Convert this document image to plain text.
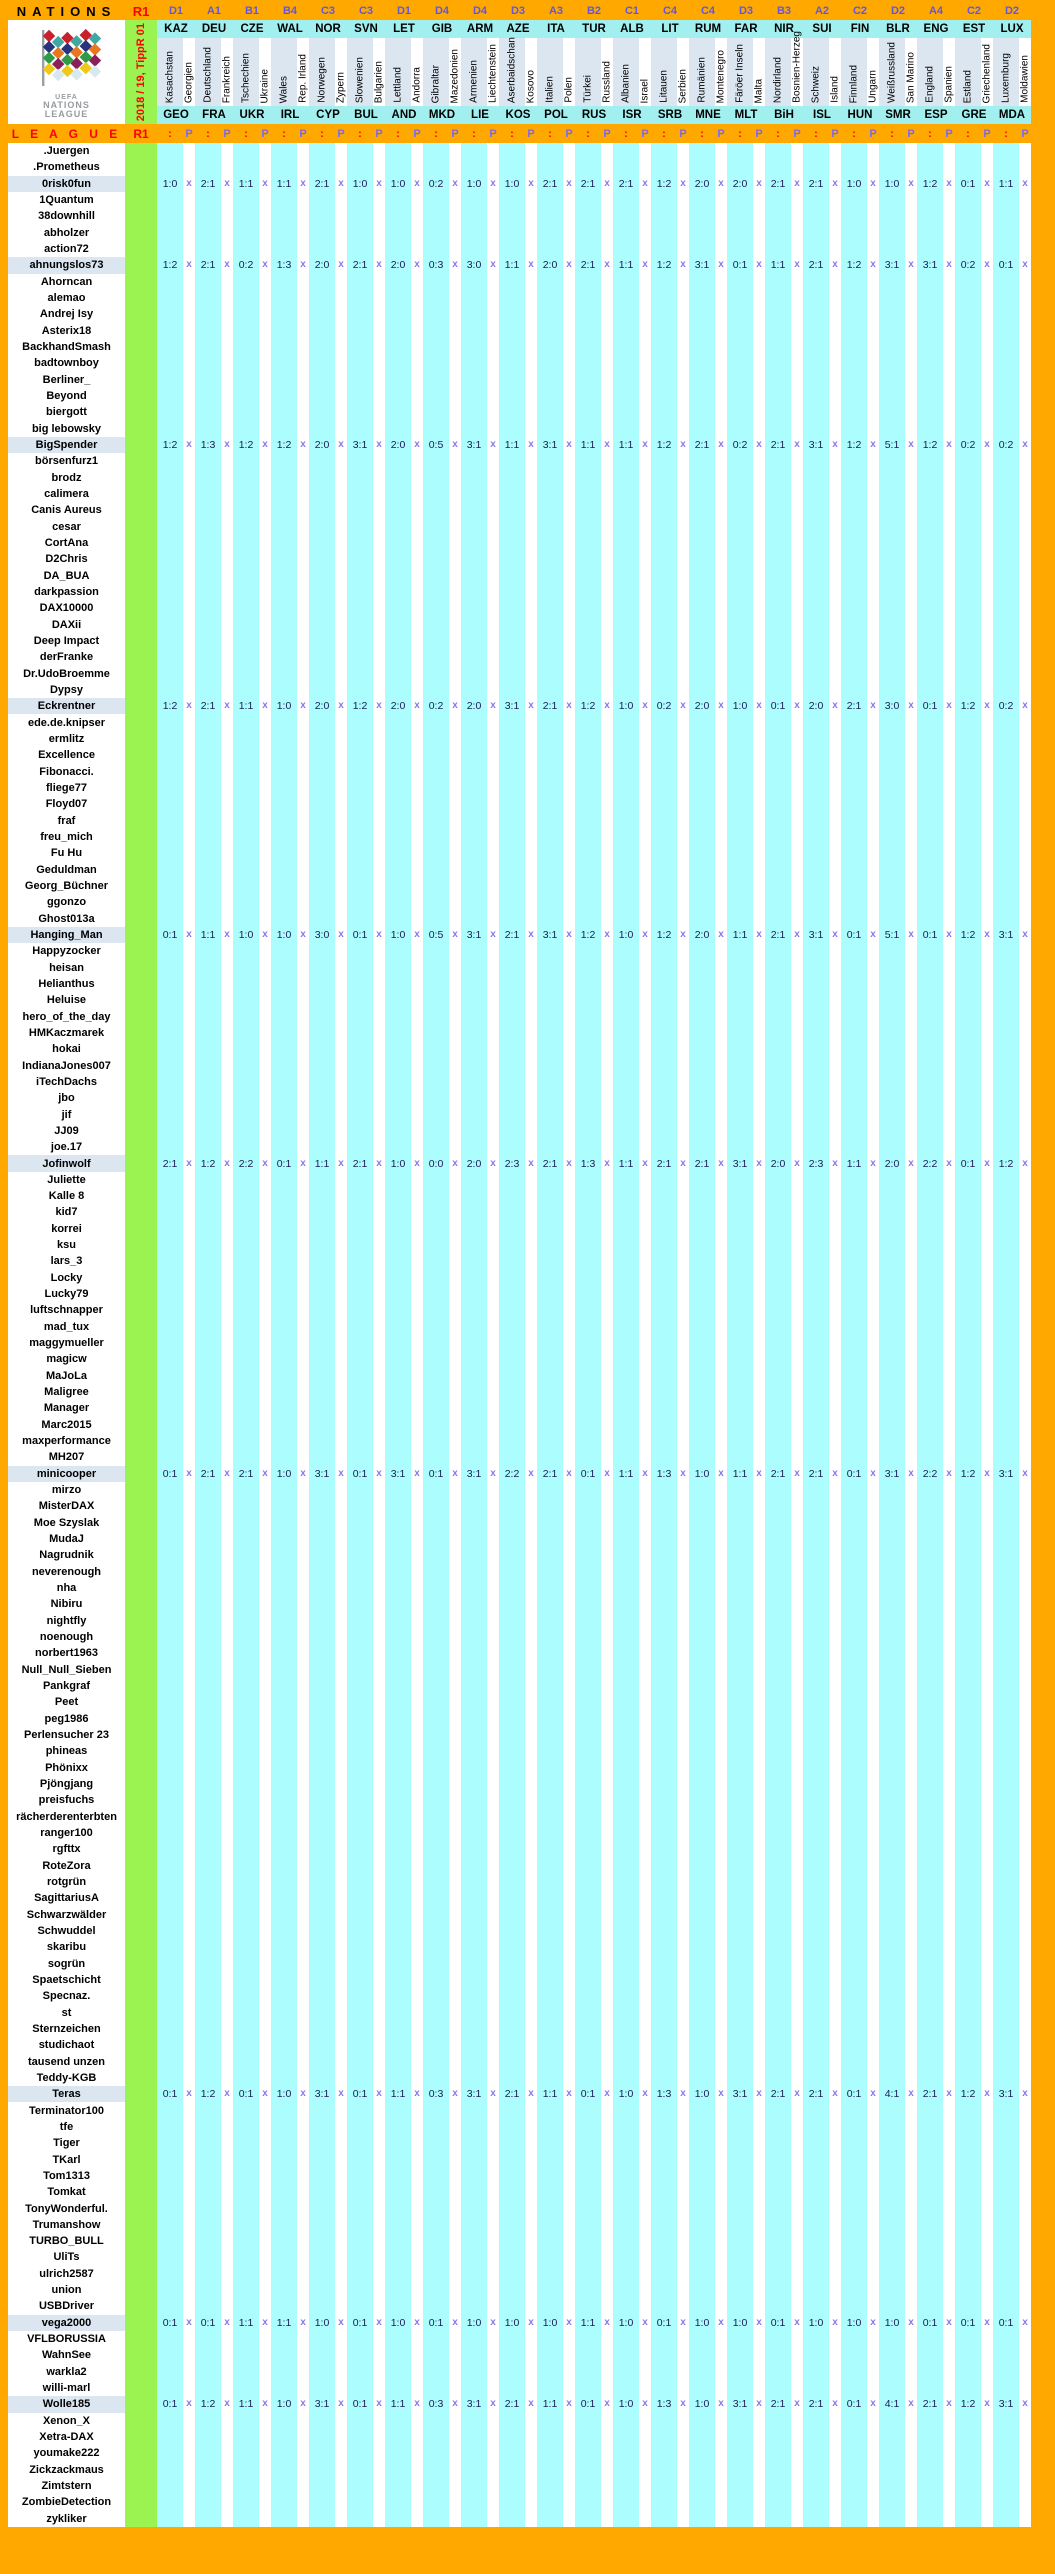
NATIONS	R1	D1		A1		B1		B4		C3		C3		D1		D4		D4		D3		A3		B2		C1		C4		C4		D3		B3		A2		C2		D2		A4		C2		D2	

UEFA
NATIONS
LEAGUE	2018 / 19, TippR 01	KAZ		DEU		CZE		WAL		NOR		SVN		LET		GIB		ARM		AZE		ITA		TUR		ALB		LIT		RUM		FAR		NIR		SUI		FIN		BLR		ENG		EST		LUX	

		Kasachstan	Georgien	Deutschland	Frankreich	Tschechien	Ukraine	Wales	Rep. Irland	Norwegen	Zypern	Slowenien	Bulgarien	Lettland	Andorra	Gibraltar	Mazedonien	Armenien	Liechtenstein	Aserbaidschan	Kosovo	Italien	Polen	Türkei	Russland	Albanien	Israel	Litauen	Serbien	Rumänien	Montenegro	Färöer Inseln	Malta	Nordirland	Bosnien-Herzeg	Schweiz	Island	Finnland	Ungarn	Weißrussland	San Marino	England	Spanien	Estland	Griechenland	Luxemburg	Moldawien

		GEO		FRA		UKR		IRL		CYP		BUL		AND		MKD		LIE		KOS		POL		RUS		ISR		SRB		MNE		MLT		BiH		ISL		HUN		SMR		ESP		GRE		MDA	
L E A G U E	R1	:	P	:	P	:	P	:	P	:	P	:	P	:	P	:	P	:	P	:	P	:	P	:	P	:	P	:	P	:	P	:	P	:	P	:	P	:	P	:	P	:	P	:	P	:	P
.Juergen																																															
.Prometheus																																															
0risk0fun		1:0	x	2:1	x	1:1	x	1:1	x	2:1	x	1:0	x	1:0	x	0:2	x	1:0	x	1:0	x	2:1	x	2:1	x	2:1	x	1:2	x	2:0	x	2:0	x	2:1	x	2:1	x	1:0	x	1:0	x	1:2	x	0:1	x	1:1	x
1Quantum																																															
38downhill																																															
abholzer																																															
action72																																															
ahnungslos73		1:2	x	2:1	x	0:2	x	1:3	x	2:0	x	2:1	x	2:0	x	0:3	x	3:0	x	1:1	x	2:0	x	2:1	x	1:1	x	1:2	x	3:1	x	0:1	x	1:1	x	2:1	x	1:2	x	3:1	x	3:1	x	0:2	x	0:1	x
Ahorncan																																															
alemao																																															
Andrej Isy																																															
Asterix18																																															
BackhandSmash																																															
badtownboy																																															
Berliner_																																															
Beyond																																															
biergott																																															
big lebowsky																																															
BigSpender		1:2	x	1:3	x	1:2	x	1:2	x	2:0	x	3:1	x	2:0	x	0:5	x	3:1	x	1:1	x	3:1	x	1:1	x	1:1	x	1:2	x	2:1	x	0:2	x	2:1	x	3:1	x	1:2	x	5:1	x	1:2	x	0:2	x	0:2	x
börsenfurz1																																															
brodz																																															
calimera																																															
Canis Aureus																																															
cesar																																															
CortAna																																															
D2Chris																																															
DA_BUA																																															
darkpassion																																															
DAX10000																																															
DAXii																																															
Deep Impact																																															
derFranke																																															
Dr.UdoBroemme																																															
Dypsy																																															
Eckrentner		1:2	x	2:1	x	1:1	x	1:0	x	2:0	x	1:2	x	2:0	x	0:2	x	2:0	x	3:1	x	2:1	x	1:2	x	1:0	x	0:2	x	2:0	x	1:0	x	0:1	x	2:0	x	2:1	x	3:0	x	0:1	x	1:2	x	0:2	x
ede.de.knipser																																															
ermlitz																																															
Excellence																																															
Fibonacci.																																															
fliege77																																															
Floyd07																																															
fraf																																															
freu_mich																																															
Fu Hu																																															
Geduldman																																															
Georg_Büchner																																															
ggonzo																																															
Ghost013a																																															
Hanging_Man		0:1	x	1:1	x	1:0	x	1:0	x	3:0	x	0:1	x	1:0	x	0:5	x	3:1	x	2:1	x	3:1	x	1:2	x	1:0	x	1:2	x	2:0	x	1:1	x	2:1	x	3:1	x	0:1	x	5:1	x	0:1	x	1:2	x	3:1	x
Happyzocker																																															
heisan																																															
Helianthus																																															
Heluise																																															
hero_of_the_day																																															
HMKaczmarek																																															
hokai																																															
IndianaJones007																																															
iTechDachs																																															
jbo																																															
jif																																															
JJ09																																															
joe.17																																															
Jofinwolf		2:1	x	1:2	x	2:2	x	0:1	x	1:1	x	2:1	x	1:0	x	0:0	x	2:0	x	2:3	x	2:1	x	1:3	x	1:1	x	2:1	x	2:1	x	3:1	x	2:0	x	2:3	x	1:1	x	2:0	x	2:2	x	0:1	x	1:2	x
Juliette																																															
Kalle 8																																															
kid7																																															
korrei																																															
ksu																																															
lars_3																																															
Locky																																															
Lucky79																																															
luftschnapper																																															
mad_tux																																															
maggymueller																																															
magicw																																															
MaJoLa																																															
Maligree																																															
Manager																																															
Marc2015																																															
maxperformance																																															
MH207																																															
minicooper		0:1	x	2:1	x	2:1	x	1:0	x	3:1	x	0:1	x	3:1	x	0:1	x	3:1	x	2:2	x	2:1	x	0:1	x	1:1	x	1:3	x	1:0	x	1:1	x	2:1	x	2:1	x	0:1	x	3:1	x	2:2	x	1:2	x	3:1	x
mirzo																																															
MisterDAX																																															
Moe Szyslak																																															
MudaJ																																															
Nagrudnik																																															
neverenough																																															
nha																																															
Nibiru																																															
nightfly																																															
noenough																																															
norbert1963																																															
Null_Null_Sieben																																															
Pankgraf																																															
Peet																																															
peg1986																																															
Perlensucher 23																																															
phineas																																															
Phönixx																																															
Pjöngjang																																															
preisfuchs																																															
rächerderenterbten																																															
ranger100																																															
rgfttx																																															
RoteZora																																															
rotgrün																																															
SagittariusA																																															
Schwarzwälder																																															
Schwuddel																																															
skaribu																																															
sogrün																																															
Spaetschicht																																															
Specnaz.																																															
st																																															
Sternzeichen																																															
studichaot																																															
tausend unzen																																															
Teddy-KGB																																															
Teras		0:1	x	1:2	x	0:1	x	1:0	x	3:1	x	0:1	x	1:1	x	0:3	x	3:1	x	2:1	x	1:1	x	0:1	x	1:0	x	1:3	x	1:0	x	3:1	x	2:1	x	2:1	x	0:1	x	4:1	x	2:1	x	1:2	x	3:1	x
Terminator100																																															
tfe																																															
Tiger																																															
TKarl																																															
Tom1313																																															
Tomkat																																															
TonyWonderful.																																															
Trumanshow																																															
TURBO_BULL																																															
UliTs																																															
ulrich2587																																															
union																																															
USBDriver																																															
vega2000		0:1	x	0:1	x	1:1	x	1:1	x	1:0	x	0:1	x	1:0	x	0:1	x	1:0	x	1:0	x	1:0	x	1:1	x	1:0	x	0:1	x	1:0	x	1:0	x	0:1	x	1:0	x	1:0	x	1:0	x	0:1	x	0:1	x	0:1	x
VFLBORUSSIA																																															
WahnSee																																															
warkla2																																															
willi-marl																																															
Wolle185		0:1	x	1:2	x	1:1	x	1:0	x	3:1	x	0:1	x	1:1	x	0:3	x	3:1	x	2:1	x	1:1	x	0:1	x	1:0	x	1:3	x	1:0	x	3:1	x	2:1	x	2:1	x	0:1	x	4:1	x	2:1	x	1:2	x	3:1	x
Xenon_X																																															
Xetra-DAX																																															
youmake222																																															
Zickzackmaus																																															
Zimtstern																																															
ZombieDetection																																															
zykliker																																															
